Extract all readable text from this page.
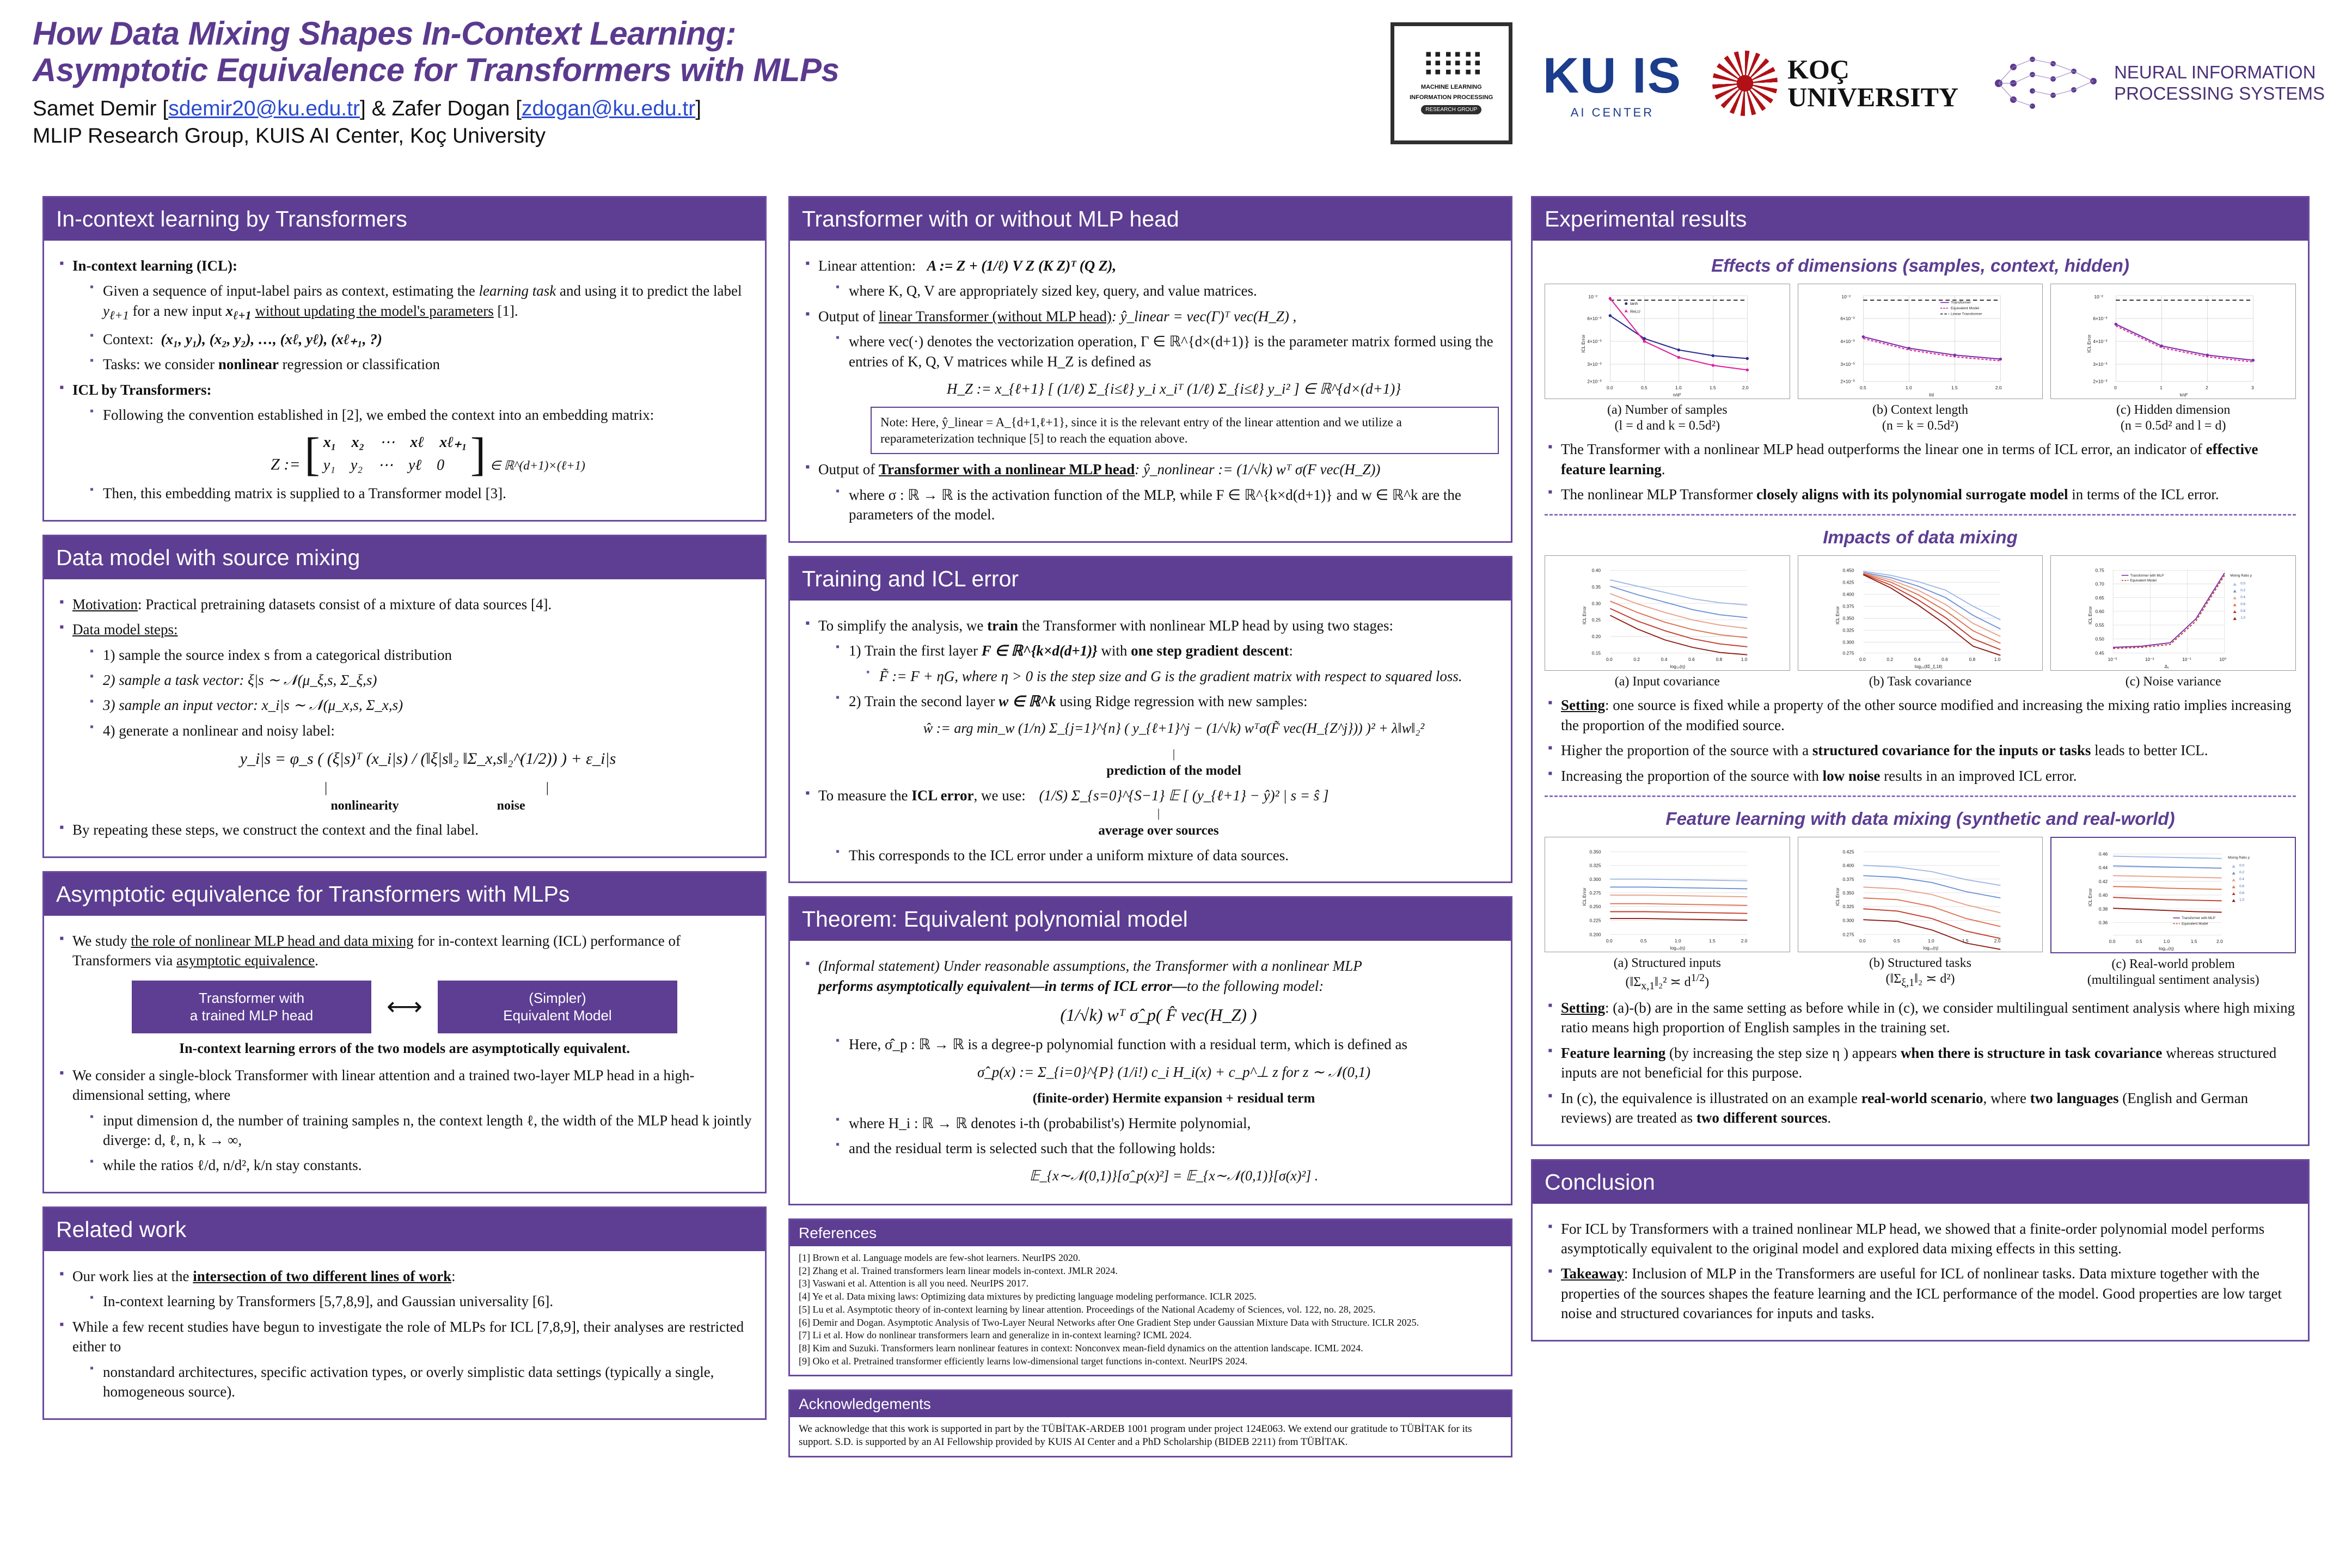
How Data Mixing Shapes In-Context Learning:
Asymptotic Equivalence for Transformers with MLPs
Samet Demir [sdemir20@ku.edu.tr] & Zafer Dogan [zdogan@ku.edu.tr]
MLIP Research Group, KUIS AI Center, Koç University
⠿⠿⠿
MACHINE LEARNING
INFORMATION PROCESSING
RESEARCH GROUP
KU IS
AI CENTER
KOÇ
UNIVERSITY
NEURAL INFORMATION
PROCESSING SYSTEMS
In-context learning by Transformers
▪ In-context learning (ICL):
▪ Given a sequence of input-label pairs as context, estimating the learning task and using it to predict the label $y_{\ell+1}$ for a new input $x_{\ell+1}$ without updating the model's parameters [1].
▪ Context: (x₁, y₁), (x₂, y₂), …, (xℓ, yℓ), (xℓ₊₁, ?)
▪ Tasks: we consider nonlinear regression or classification
▪ ICL by Transformers:
▪ Following the convention established in [2], we embed the context into an embedding matrix:
Z := [ x₁ x₂ ⋯ xℓ xℓ₊₁
y₁ y₂ ⋯ yℓ 0 ] ∈ ℝ^(d+1)×(ℓ+1)
▪ Then, this embedding matrix is supplied to a Transformer model [3].
Data model with source mixing
▪ Motivation: Practical pretraining datasets consist of a mixture of data sources [4].
▪ Data model steps:
▪ 1) sample the source index s from a categorical distribution
▪ 2) sample a task vector: ξ|s ∼ 𝒩(μ_ξ,s, Σ_ξ,s)
▪ 3) sample an input vector: x_i|s ∼ 𝒩(μ_x,s, Σ_x,s)
▪ 4) generate a nonlinear and noisy label:
y_i|s = φ_s ( (ξ|s)ᵀ (x_i|s) / (‖ξ|s‖₂ ‖Σ_x,s‖₂^(1/2)) ) + ε_i|s
|                                               |
nonlinearity	noise
▪ By repeating these steps, we construct the context and the final label.
Asymptotic equivalence for Transformers with MLPs
▪ We study the role of nonlinear MLP head and data mixing for in-context learning (ICL) performance of Transformers via asymptotic equivalence.
Transformer with
a trained MLP head	⟷	(Simpler)
Equivalent Model
In-context learning errors of the two models are asymptotically equivalent.
▪ We consider a single-block Transformer with linear attention and a trained two-layer MLP head in a high-dimensional setting, where
▪ input dimension d, the number of training samples n, the context length ℓ, the width of the MLP head k jointly diverge: d, ℓ, n, k → ∞,
▪ while the ratios ℓ/d, n/d², k/n stay constants.
Related work
▪ Our work lies at the intersection of two different lines of work:
▪ In-context learning by Transformers [5,7,8,9], and Gaussian universality [6].
▪ While a few recent studies have begun to investigate the role of MLPs for ICL [7,8,9], their analyses are restricted either to
▪ nonstandard architectures, specific activation types, or overly simplistic data settings (typically a single, homogeneous source).
Transformer with or without MLP head
▪ Linear attention: A := Z + (1/ℓ) V Z (K Z)ᵀ (Q Z),
▪ where K, Q, V are appropriately sized key, query, and value matrices.
▪ Output of linear Transformer (without MLP head): ŷ_linear = vec(Γ)ᵀ vec(H_Z) ,
▪ where vec(·) denotes the vectorization operation, Γ ∈ ℝ^{d×(d+1)} is the parameter matrix formed using the entries of K, Q, V matrices while H_Z is defined as
H_Z := x_{ℓ+1} [ (1/ℓ) Σ_{i≤ℓ} y_i x_iᵀ (1/ℓ) Σ_{i≤ℓ} y_i² ] ∈ ℝ^{d×(d+1)}
Note: Here, ŷ_linear = A_{d+1,ℓ+1}, since it is the relevant entry of the linear attention and we utilize a reparameterization technique [5] to reach the equation above.
▪ Output of Transformer with a nonlinear MLP head: ŷ_nonlinear := (1/√k) wᵀ σ(F vec(H_Z))
▪ where σ : ℝ → ℝ is the activation function of the MLP, while F ∈ ℝ^{k×d(d+1)} and w ∈ ℝ^k are the parameters of the model.
Training and ICL error
▪ To simplify the analysis, we train the Transformer with nonlinear MLP head by using two stages:
▪ 1) Train the first layer F ∈ ℝ^{k×d(d+1)} with one step gradient descent:
▪ F̃ := F + ηG, where η > 0 is the step size and G is the gradient matrix with respect to squared loss.
▪ 2) Train the second layer w ∈ ℝ^k using Ridge regression with new samples:
ŵ := arg min_w (1/n) Σ_{j=1}^{n} ( y_{ℓ+1}^j − (1/√k) wᵀσ(F̃ vec(H_{Z^j})) )² + λ‖w‖₂²
|
prediction of the model
▪ To measure the ICL error, we use: (1/S) Σ_{s=0}^{S−1} 𝔼 [ (y_{ℓ+1} − ŷ)² | s = ŝ ]
|
average over sources
▪ This corresponds to the ICL error under a uniform mixture of data sources.
Theorem: Equivalent polynomial model
▪ (Informal statement) Under reasonable assumptions, the Transformer with a nonlinear MLP
performs asymptotically equivalent—in terms of ICL error—to the following model:
(1/√k) wᵀ σ̂_p( F̂ vec(H_Z) )
▪ Here, σ̂_p : ℝ → ℝ is a degree-p polynomial function with a residual term, which is defined as
σ̂_p(x) := Σ_{i=0}^{P} (1/i!) c_i H_i(x) + c_p^⊥ z for z ∼ 𝒩(0,1)
(finite-order) Hermite expansion + residual term
▪ where H_i : ℝ → ℝ denotes i-th (probabilist's) Hermite polynomial,
▪ and the residual term is selected such that the following holds:
𝔼_{x∼𝒩(0,1)}[σ̂_p(x)²] = 𝔼_{x∼𝒩(0,1)}[σ(x)²] .
References
[1] Brown et al. Language models are few-shot learners. NeurIPS 2020.
[2] Zhang et al. Trained transformers learn linear models in-context. JMLR 2024.
[3] Vaswani et al. Attention is all you need. NeurIPS 2017.
[4] Ye et al. Data mixing laws: Optimizing data mixtures by predicting language modeling performance. ICLR 2025.
[5] Lu et al. Asymptotic theory of in-context learning by linear attention. Proceedings of the National Academy of Sciences, vol. 122, no. 28, 2025.
[6] Demir and Dogan. Asymptotic Analysis of Two-Layer Neural Networks after One Gradient Step under Gaussian Mixture Data with Structure. ICLR 2025.
[7] Li et al. How do nonlinear transformers learn and generalize in in-context learning? ICML 2024.
[8] Kim and Suzuki. Transformers learn nonlinear features in context: Nonconvex mean-field dynamics on the attention landscape. ICML 2024.
[9] Oko et al. Pretrained transformer efficiently learns low-dimensional target functions in-context. NeurIPS 2024.
Acknowledgements
We acknowledge that this work is supported in part by the TÜBİTAK-ARDEB 1001 program under project 124E063. We extend our gratitude to TÜBİTAK for its support. S.D. is supported by an AI Fellowship provided by KUIS AI Center and a PhD Scholarship (BIDEB 2211) from TÜBİTAK.
Experimental results
Effects of dimensions (samples, context, hidden)
10⁻²
6×10⁻³
4×10⁻³
3×10⁻³
2×10⁻³
0.0	0.5	1.0	1.5	2.0
n/d²
ICL Error
tanh
ReLU
(a) Number of samples
(l = d and k = 0.5d²)
10⁻²
6×10⁻³
4×10⁻³
3×10⁻³
2×10⁻³
0.5	1.0	1.5	2.0
l/d
Transformer
Equivalent Model
Linear Transformer
(b) Context length
(n = k = 0.5d²)
10⁻²
6×10⁻³
4×10⁻³
3×10⁻³
2×10⁻³
0	1	2	3
k/d²
ICL Error
(c) Hidden dimension
(n = 0.5d² and l = d)
▪ The Transformer with a nonlinear MLP head outperforms the linear one in terms of ICL error, an indicator of effective feature learning.
▪ The nonlinear MLP Transformer closely aligns with its polynomial surrogate model in terms of the ICL error.
Impacts of data mixing
0.40
0.35
0.30
0.25
0.20
0.15
0.0	0.2	0.4	0.6	0.8	1.0
log₁₀(η)
ICL Error
(a) Input covariance
0.450
0.425
0.400
0.375
0.350
0.325
0.300
0.275
0.0	0.2	0.4	0.6	0.8	1.0
log₁₀(‖Σ_ξ,1‖)
ICL Error
(b) Task covariance
0.75
0.70
0.65
0.60
0.55
0.50
0.45
10⁻³	10⁻²	10⁻¹	10⁰
Δ₁
ICL Error
Transformer with MLP
Equivalent Model
Mixing Ratio ρ
0.0
0.2
0.4
0.6
0.8
1.0
(c) Noise variance
▪ Setting: one source is fixed while a property of the other source modified and increasing the mixing ratio implies increasing the proportion of the modified source.
▪ Higher the proportion of the source with a structured covariance for the inputs or tasks leads to better ICL.
▪ Increasing the proportion of the source with low noise results in an improved ICL error.
Feature learning with data mixing (synthetic and real-world)
0.350
0.325
0.300
0.275
0.250
0.225
0.200
0.0	0.5	1.0	1.5	2.0
log₁₀(η)
ICL Error
(a) Structured inputs
($‖\Sigma_{x,1}‖_2^2$ ≍ $d^{1/2}$)
0.425
0.400
0.375
0.350
0.325
0.300
0.275
0.0	0.5	1.0	1.5	2.0
log₁₀(η)
ICL Error
(b) Structured tasks
($‖\Sigma_{\xi,1}‖_2$ ≍ d²)
0.46
0.44
0.42
0.40
0.38
0.36
0.0	0.5	1.0	1.5	2.0
log₁₀(η)
ICL Error
Transformer with MLP
Equivalent Model
Mixing Ratio ρ
0.0
0.2
0.4
0.6
0.8
1.0
(c) Real-world problem
(multilingual sentiment analysis)
▪ Setting: (a)-(b) are in the same setting as before while in (c), we consider multilingual sentiment analysis where high mixing ratio means high proportion of English samples in the training set.
▪ Feature learning (by increasing the step size η ) appears when there is structure in task covariance whereas structured inputs are not beneficial for this purpose.
▪ In (c), the equivalence is illustrated on an example real-world scenario, where two languages (English and German reviews) are treated as two different sources.
Conclusion
▪ For ICL by Transformers with a trained nonlinear MLP head, we showed that a finite-order polynomial model performs asymptotically equivalent to the original model and explored data mixing effects in this setting.
▪ Takeaway: Inclusion of MLP in the Transformers are useful for ICL of nonlinear tasks. Data mixture together with the properties of the sources shapes the feature learning and the ICL performance of the model. Good properties are low target noise and structured covariances for inputs and tasks.
